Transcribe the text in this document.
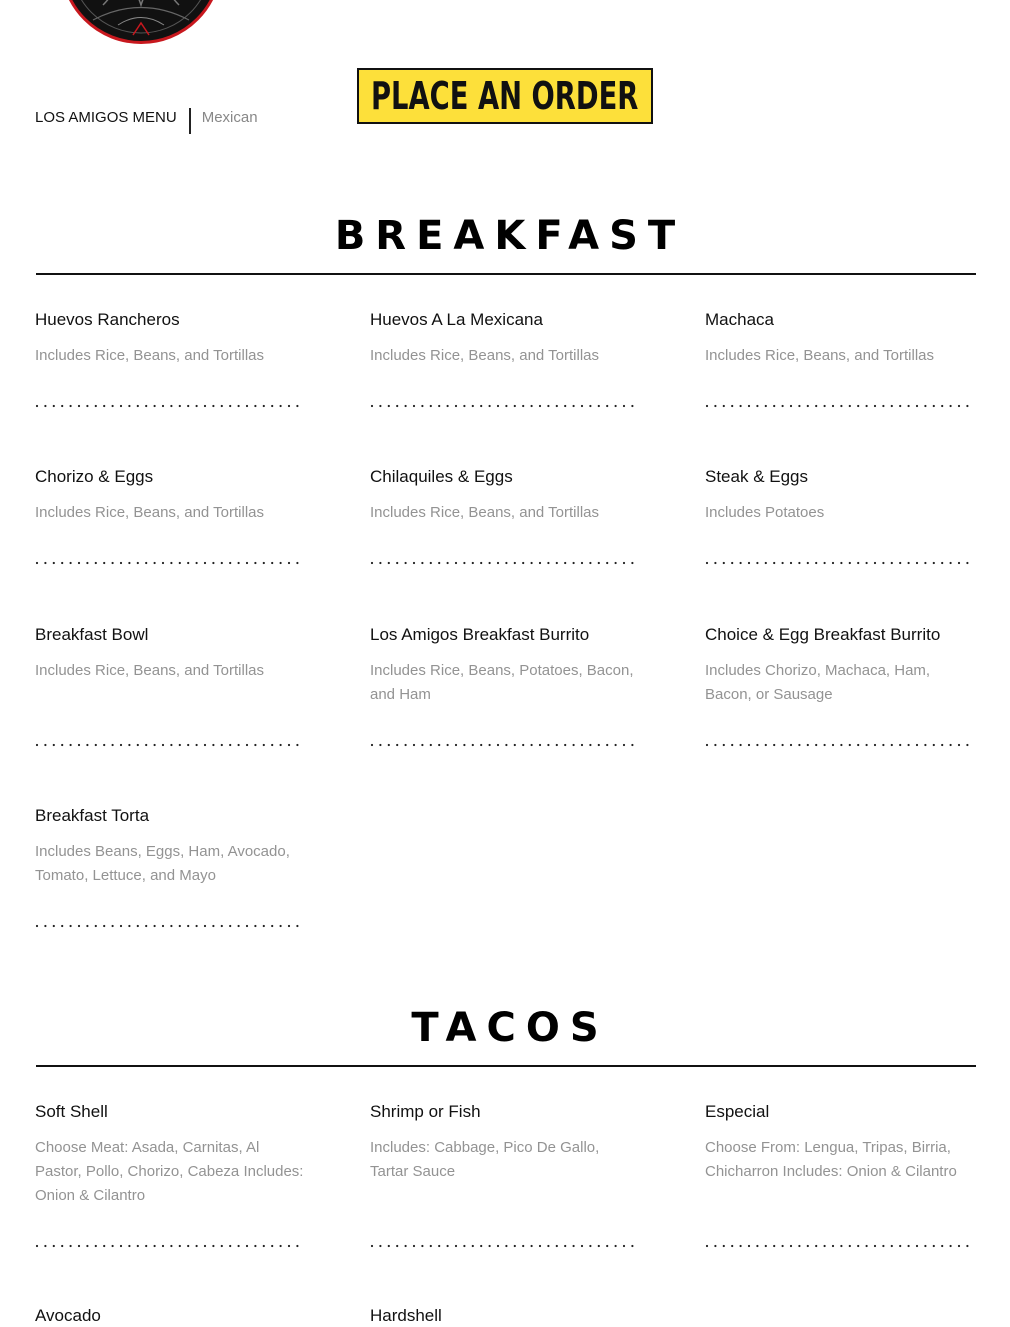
LOS AMIGOS MENU Mexican	PLACE AN ORDER
BREAKFAST
Huevos Rancheros
Includes Rice, Beans, and Tortillas
Huevos A La Mexicana
Includes Rice, Beans, and Tortillas
Machaca
Includes Rice, Beans, and Tortillas
Chorizo & Eggs
Includes Rice, Beans, and Tortillas
Chilaquiles & Eggs
Includes Rice, Beans, and Tortillas
Steak & Eggs
Includes Potatoes
Breakfast Bowl
Includes Rice, Beans, and Tortillas
Los Amigos Breakfast Burrito
Includes Rice, Beans, Potatoes, Bacon, and Ham
Choice & Egg Breakfast Burrito
Includes Chorizo, Machaca, Ham, Bacon, or Sausage
Breakfast Torta
Includes Beans, Eggs, Ham, Avocado, Tomato, Lettuce, and Mayo
TACOS
Soft Shell
Choose Meat: Asada, Carnitas, Al Pastor, Pollo, Chorizo, Cabeza Includes: Onion & Cilantro
Shrimp or Fish
Includes: Cabbage, Pico De Gallo, Tartar Sauce
Especial
Choose From: Lengua, Tripas, Birria, Chicharron Includes: Onion & Cilantro
Avocado	Hardshell
